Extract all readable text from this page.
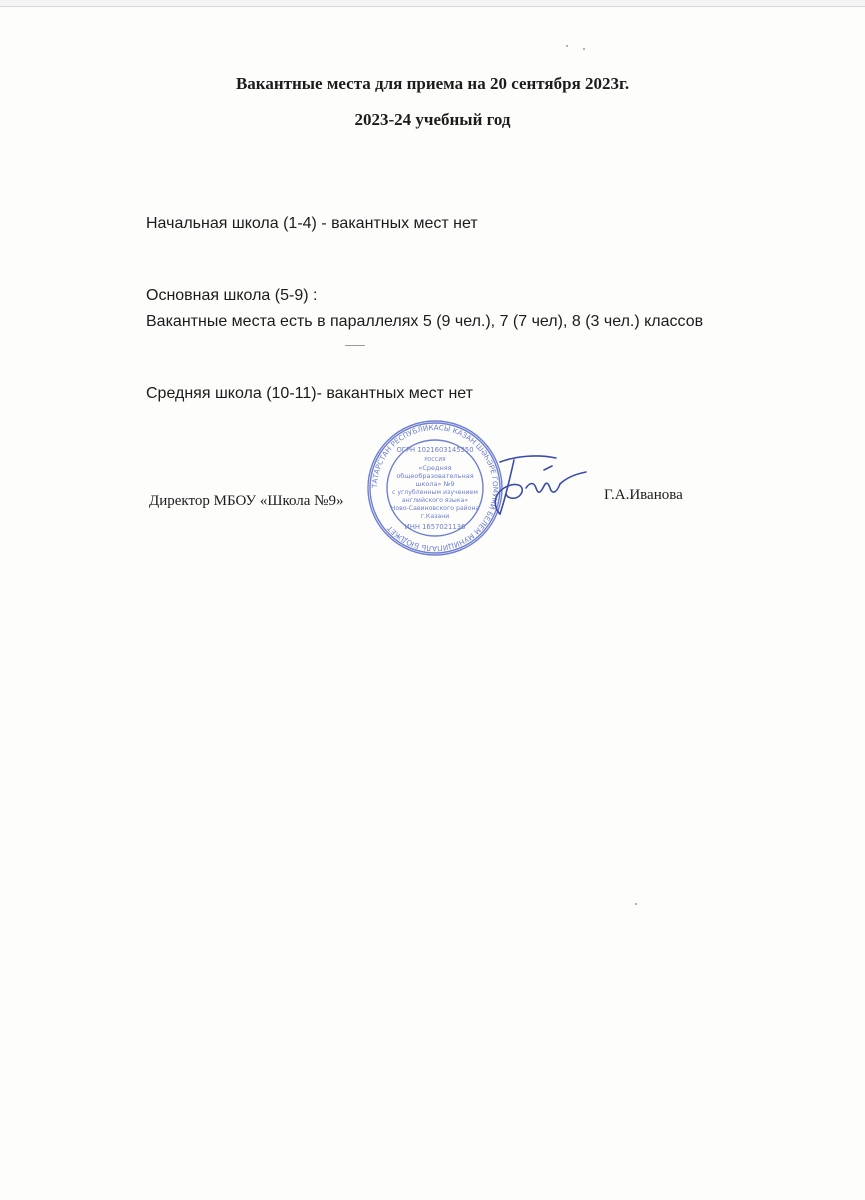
Вакантные места для приема на 20 сентября 2023г.

2023-24 учебный год

Начальная школа (1-4) - вакантных мест нет

Основная школа (5-9) :

Вакантные места есть в параллелях 5 (9 чел.), 7 (7 чел), 8 (3 чел.) классов

Средняя школа (10-11)- вакантных мест нет

Директор МБОУ «Школа №9»

ТАТАРСТАН РЕСПУБЛИКАСЫ КАЗАН ШӘҺӘРЕ ГОМУМИ БЕЛЕМ МУНИЦИПАЛЬ БЮДЖЕТ
ОГРН 1021603145350
РОССИЯ
«Средняя
общеобразовательная
школа» №9
с углубленным изучением
английского языка»
Ново-Савиновского района
г.Казани
ИНН 1657021136

Г.А.Иванова
